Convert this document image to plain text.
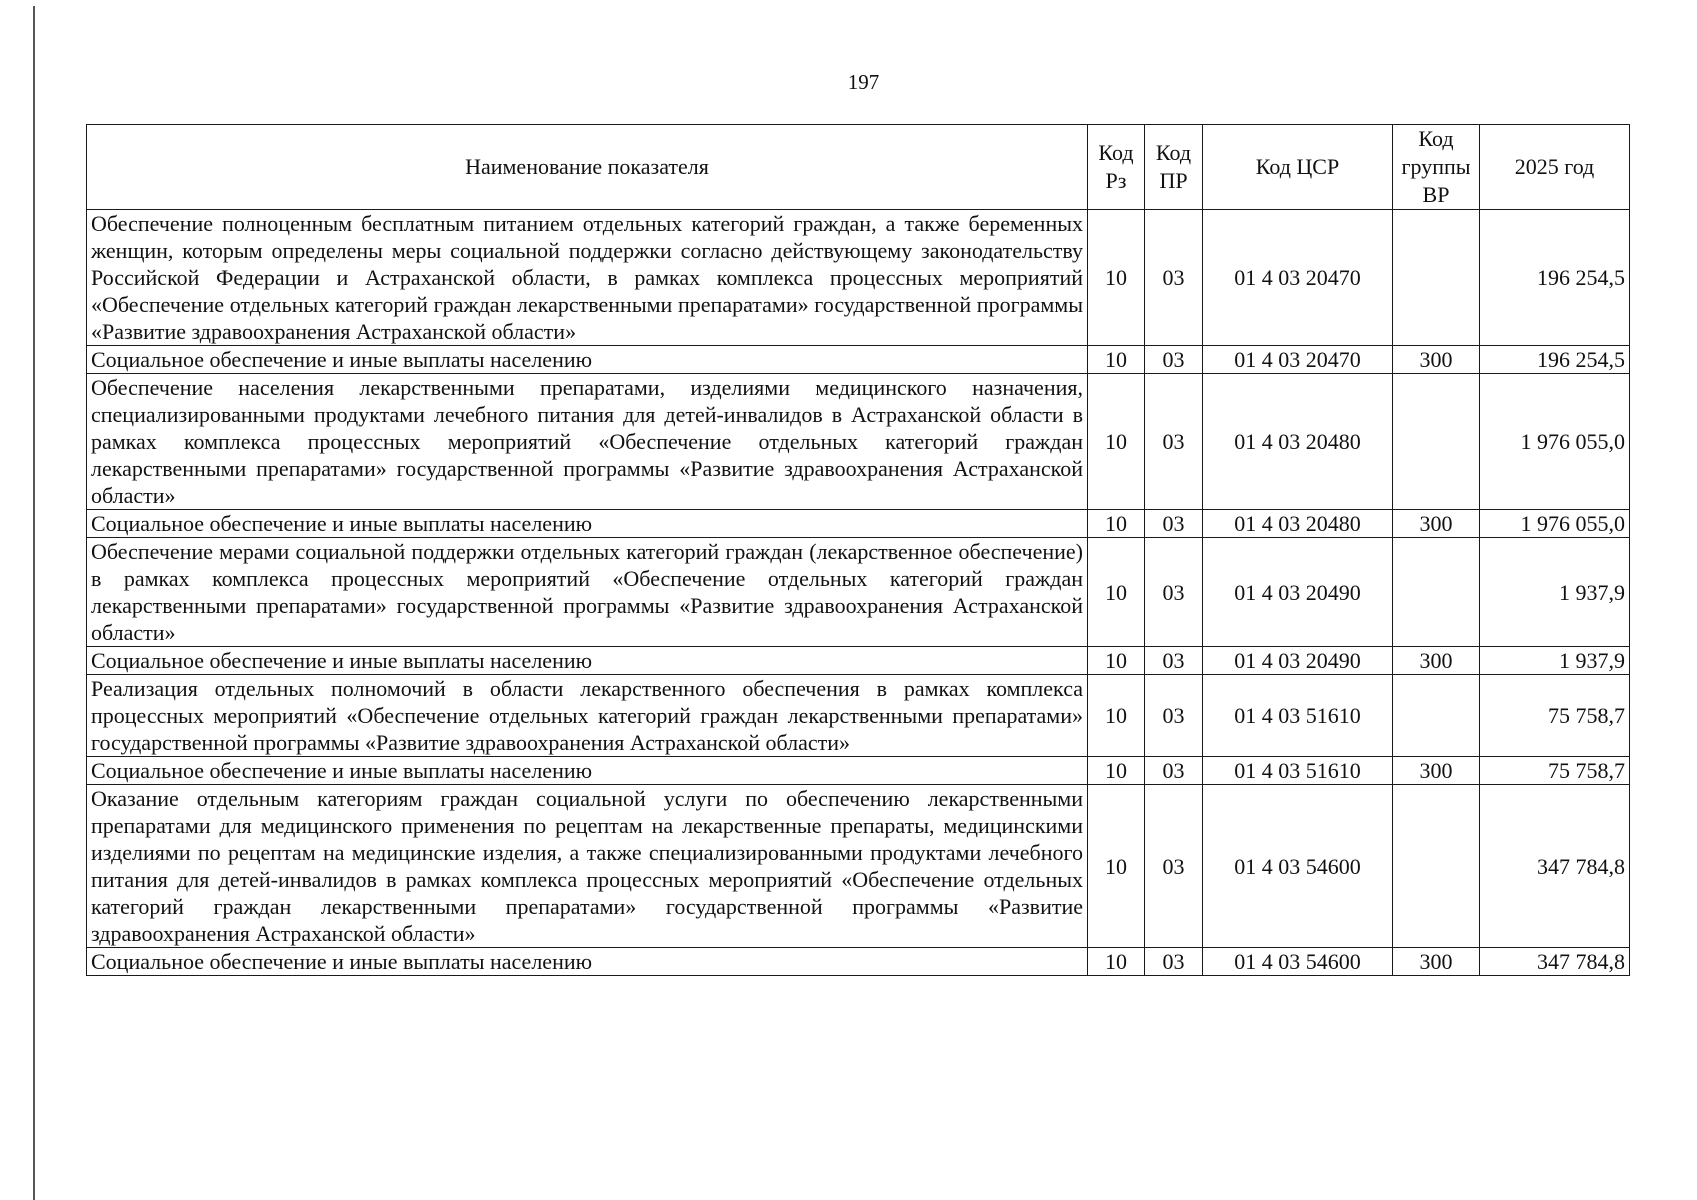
197
Наименование показателя	Код Рз	Код ПР	Код ЦСР	Код группы ВР	2025 год
Обеспечение полноценным бесплатным питанием отдельных категорий граждан, а также беременных женщин, которым определены меры социальной поддержки согласно действующему законодательству Российской Федерации и Астраханской области, в рамках комплекса процессных мероприятий «Обеспечение отдельных категорий граждан лекарственными препаратами» государственной программы «Развитие здравоохранения Астраханской области»	10	03	01 4 03 20470		196 254,5
Социальное обеспечение и иные выплаты населению	10	03	01 4 03 20470	300	196 254,5
Обеспечение населения лекарственными препаратами, изделиями медицинского назначения, специализированными продуктами лечебного питания для детей-инвалидов в Астраханской области в рамках комплекса процессных мероприятий «Обеспечение отдельных категорий граждан лекарственными препаратами» государственной программы «Развитие здравоохранения Астраханской области»	10	03	01 4 03 20480		1 976 055,0
Социальное обеспечение и иные выплаты населению	10	03	01 4 03 20480	300	1 976 055,0
Обеспечение мерами социальной поддержки отдельных категорий граждан (лекарственное обеспечение) в рамках комплекса процессных мероприятий «Обеспечение отдельных категорий граждан лекарственными препаратами» государственной программы «Развитие здравоохранения Астраханской области»	10	03	01 4 03 20490		1 937,9
Социальное обеспечение и иные выплаты населению	10	03	01 4 03 20490	300	1 937,9
Реализация отдельных полномочий в области лекарственного обеспечения в рамках комплекса процессных мероприятий «Обеспечение отдельных категорий граждан лекарственными препаратами» государственной программы «Развитие здравоохранения Астраханской области»	10	03	01 4 03 51610		75 758,7
Социальное обеспечение и иные выплаты населению	10	03	01 4 03 51610	300	75 758,7
Оказание отдельным категориям граждан социальной услуги по обеспечению лекарственными препаратами для медицинского применения по рецептам на лекарственные препараты, медицинскими изделиями по рецептам на медицинские изделия, а также специализированными продуктами лечебного питания для детей-инвалидов в рамках комплекса процессных мероприятий «Обеспечение отдельных категорий граждан лекарственными препаратами» государственной программы «Развитие здравоохранения Астраханской области»	10	03	01 4 03 54600		347 784,8
Социальное обеспечение и иные выплаты населению	10	03	01 4 03 54600	300	347 784,8
